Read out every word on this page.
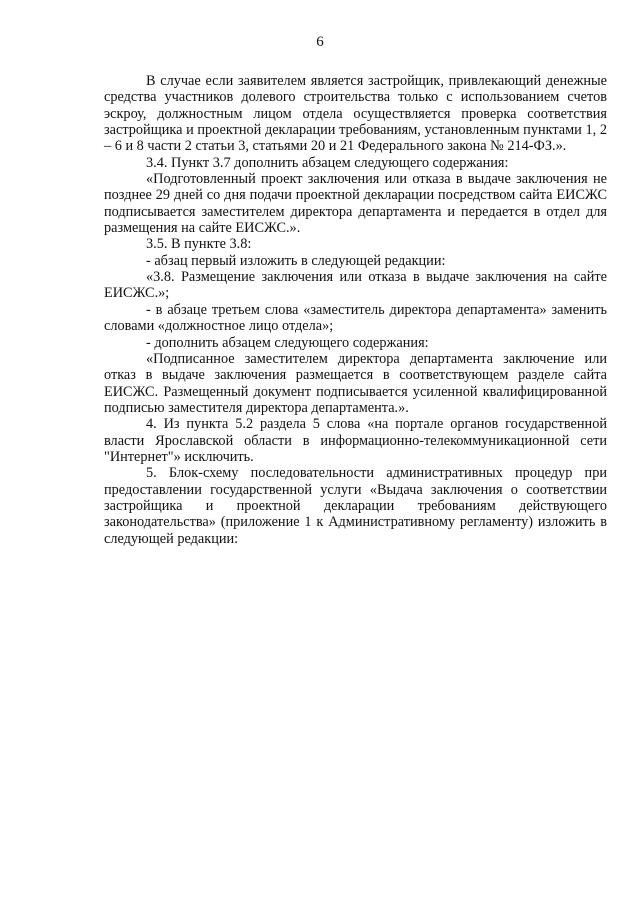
6

В случае если заявителем является застройщик, привлекающий денежные средства участников долевого строительства только с использованием счетов эскроу, должностным лицом отдела осуществляется проверка соответствия застройщика и проектной декларации требованиям, установленным пунктами 1, 2 – 6 и 8 части 2 статьи 3, статьями 20 и 21 Федерального закона № 214-ФЗ.».

3.4. Пункт 3.7 дополнить абзацем следующего содержания:

«Подготовленный проект заключения или отказа в выдаче заключения не позднее 29 дней со дня подачи проектной декларации посредством сайта ЕИСЖС подписывается заместителем директора департамента и передается в отдел для размещения на сайте ЕИСЖС.».

3.5. В пункте 3.8:

- абзац первый изложить в следующей редакции:

«3.8. Размещение заключения или отказа в выдаче заключения на сайте ЕИСЖС.»;

- в абзаце третьем слова «заместитель директора департамента» заменить словами «должностное лицо отдела»;

- дополнить абзацем следующего содержания:

«Подписанное заместителем директора департамента заключение или отказ в выдаче заключения размещается в соответствующем разделе сайта ЕИСЖС. Размещенный документ подписывается усиленной квалифицированной подписью заместителя директора департамента.».

4. Из пункта 5.2 раздела 5 слова «на портале органов государственной власти Ярославской области в информационно-телекоммуникационной сети "Интернет"» исключить.

5. Блок-схему последовательности административных процедур при предоставлении государственной услуги «Выдача заключения о соответствии застройщика и проектной декларации требованиям действующего законодательства» (приложение 1 к Административному регламенту) изложить в следующей редакции:
